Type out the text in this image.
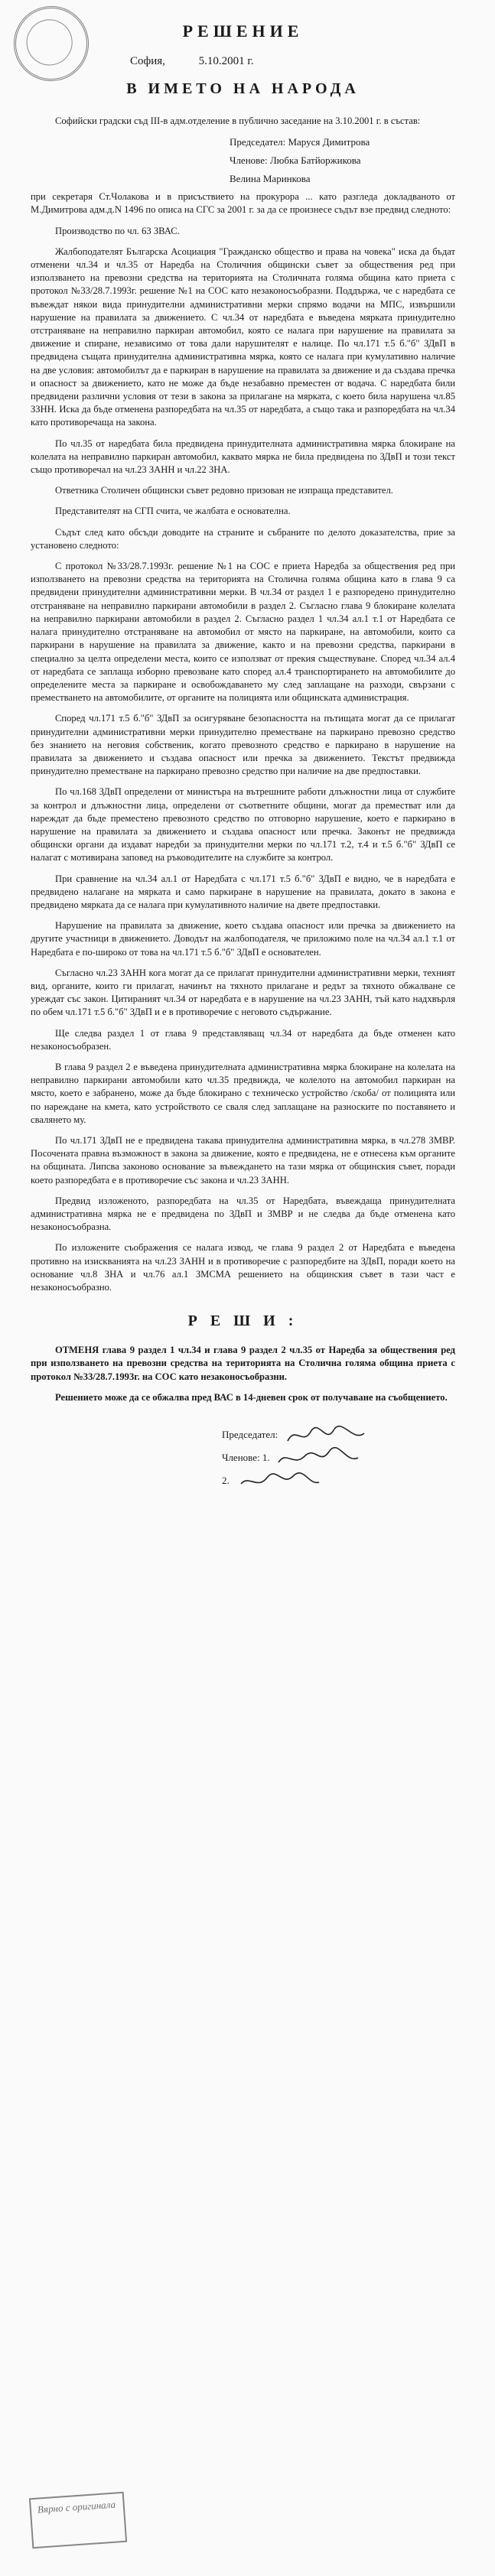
РЕШЕНИЕ
София,	5.10.2001 г.
В ИМЕТО НА НАРОДА

Софийски градски съд III-в адм.отделение в публично заседание на 3.10.2001 г. в състав:

Председател: Маруся Димитрова
Членове: Любка Батйоржикова
Велина Маринкова

при секретаря Ст.Чолакова и в присъствието на прокурора ... като разгледа докладваното от М.Димитрова адм.д.N 1496 по описа на СГС за 2001 г. за да се произнесе съдът взе предвид следното:

Производство по чл. 63 ЗВАС.

Жалбоподателят Българска Асоциация "Гражданско общество и права на човека" иска да бъдат отменени чл.34 и чл.35 от Наредба на Столичния общински съвет за обществения ред при използването на превозни средства на територията на Столичната голяма община като приета с протокол №33/28.7.1993г. решение №1 на СОС като незаконосъобразни. Поддържа, че с наредбата се въвеждат някои вида принудителни административни мерки спрямо водачи на МПС, извършили нарушение на правилата за движението. С чл.34 от наредбата е въведена мярката принудително отстраняване на неправилно паркиран автомобил, която се налага при нарушение на правилата за движение и спиране, независимо от това дали нарушителят е налице. По чл.171 т.5 б."б" ЗДвП в предвидена същата принудителна административна мярка, която се налага при кумулативно наличие на две условия: автомобилът да е паркиран в нарушение на правилата за движение и да създава пречка и опасност за движението, като не може да бъде незабавно преместен от водача. С наредбата били предвидени различни условия от тези в закона за прилагане на мярката, с което била нарушена чл.85 ЗЗНН. Иска да бъде отменена разпоредбата на чл.35 от наредбата, а също така и разпоредбата на чл.34 като противоречаща на закона.

По чл.35 от наредбата била предвидена принудителната административна мярка блокиране на колелата на неправилно паркиран автомобил, каквато мярка не била предвидена по ЗДвП и този текст също противоречал на чл.23 ЗАНН и чл.22 ЗНА.

Ответника Столичен общински съвет редовно призован не изпраща представител.

Представителят на СГП счита, че жалбата е основателна.

Съдът след като обсъди доводите на страните и събраните по делото доказателства, прие за установено следното:

С протокол №33/28.7.1993г. решение №1 на СОС е приета Наредба за обществения ред при използването на превозни средства на територията на Столична голяма община като в глава 9 са предвидени принудителни административни мерки. В чл.34 от раздел 1 е разпоредено принудително отстраняване на неправилно паркирани автомобили в раздел 2. Съгласно глава 9 блокиране колелата на неправилно паркирани автомобили в раздел 2. Съгласно раздел 1 чл.34 ал.1 т.1 от Наредбата се налага принудително отстраняване на автомобил от място на паркиране, на автомобили, които са паркирани в нарушение на правилата за движение, както и на превозни средства, паркирани в специално за целта определени места, които се използват от прекия съществуване. Според чл.34 ал.4 от наредбата се заплаща изборно превозване като според ал.4 транспортирането на автомобилите до определените места за паркиране и освобождаването му след заплащане на разходи, свързани с преместването на автомобилите, от органите на полицията или общинската администрация.

Според чл.171 т.5 б."б" ЗДвП за осигуряване безопасността на пътищата могат да се прилагат принудителни административни мерки принудително преместване на паркирано превозно средство без знанието на неговия собственик, когато превозното средство е паркирано в нарушение на правилата за движението и създава опасност или пречка за движението. Текстът предвижда принудително преместване на паркирано превозно средство при наличие на две предпоставки.

По чл.168 ЗДвП определени от министъра на вътрешните работи длъжностни лица от службите за контрол и длъжностни лица, определени от съответните общини, могат да преместват или да нареждат да бъде преместено превозното средство по отговорно нарушение, което е паркирано в нарушение на правилата за движението и създава опасност или пречка. Законът не предвижда общински органи да издават наредби за принудителни мерки по чл.171 т.2, т.4 и т.5 б."б" ЗДвП се налагат с мотивирана заповед на ръководителите на службите за контрол.

При сравнение на чл.34 ал.1 от Наредбата с чл.171 т.5 б."б" ЗДвП е видно, че в наредбата е предвидено налагане на мярката и само паркиране в нарушение на правилата, докато в закона е предвидено мярката да се налага при кумулативното наличие на двете предпоставки.

Нарушение на правилата за движение, което създава опасност или пречка за движението на другите участници в движението. Доводът на жалбоподателя, че приложимо поле на чл.34 ал.1 т.1 от Наредбата е по-широко от това на чл.171 т.5 б."б" ЗДвП е основателен.

Съгласно чл.23 ЗАНН кога могат да се прилагат принудителни административни мерки, техният вид, органите, които ги прилагат, начинът на тяхното прилагане и редът за тяхното обжалване се уреждат със закон. Цитираният чл.34 от наредбата е в нарушение на чл.23 ЗАНН, тъй като надхвърля по обем чл.171 т.5 б."б" ЗДвП и е в противоречие с неговото съдържание.

Ще следва раздел 1 от глава 9 представляващ чл.34 от наредбата да бъде отменен като незаконосъобразен.

В глава 9 раздел 2 е въведена принудителната административна мярка блокиране на колелата на неправилно паркирани автомобили като чл.35 предвижда, че колелото на автомобил паркиран на място, което е забранено, може да бъде блокирано с техническо устройство /скоба/ от полицията или по нареждане на кмета, като устройството се сваля след заплащане на разноските по поставянето и свалянето му.

По чл.171 ЗДвП не е предвидена такава принудителна административна мярка, в чл.278 ЗМВР. Посочената правна възможност в закона за движение, която е предвидена, не е отнесена към органите на общината. Липсва законово основание за въвеждането на тази мярка от общинския съвет, поради което разпоредбата е в противоречие със закона и чл.23 ЗАНН.

Предвид изложеното, разпоредбата на чл.35 от Наредбата, въвеждаща принудителната административна мярка не е предвидена по ЗДвП и ЗМВР и не следва да бъде отменена като незаконосъобразна.

По изложените съображения се налага извод, че глава 9 раздел 2 от Наредбата е въведена противно на изискванията на чл.23 ЗАНН и в противоречие с разпоредбите на ЗДвП, поради което на основание чл.8 ЗНА и чл.76 ал.1 ЗМСМА решението на общинския съвет в тази част е незаконосъобразно.

Р Е Ш И :

ОТМЕНЯ глава 9 раздел 1 чл.34 и глава 9 раздел 2 чл.35 от Наредба за обществения ред при използването на превозни средства на територията на Столична голяма община приета с протокол №33/28.7.1993г. на СОС като незаконосъобразни.

Решението може да се обжалва пред ВАС в 14-дневен срок от получаване на съобщението.

Председател:
Членове: 1.
2.
Вярно с оригинала
